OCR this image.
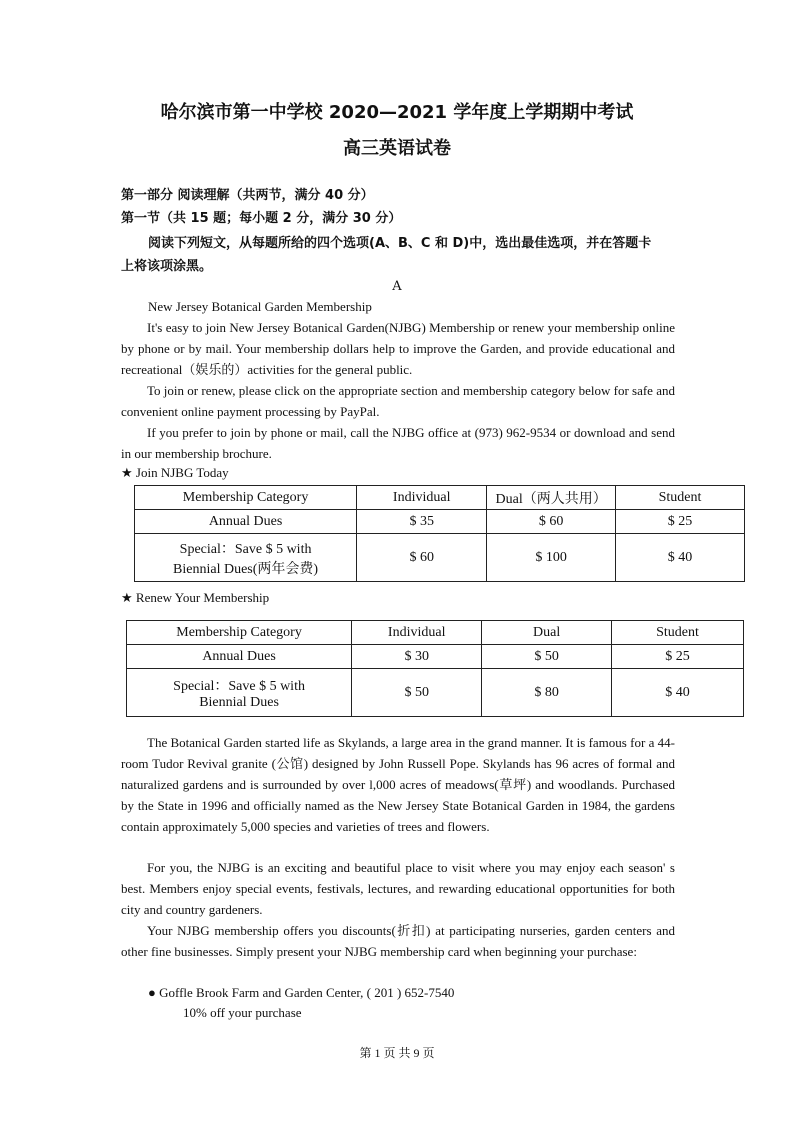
哈尔滨市第一中学校 2020—2021 学年度上学期期中考试
高三英语试卷
第一部分 阅读理解（共两节，满分 40 分）
第一节（共 15 题；每小题 2 分，满分 30 分）
阅读下列短文，从每题所给的四个选项(A、B、C 和 D)中，选出最佳选项，并在答题卡
上将该项涂黑。
A
New Jersey Botanical Garden Membership
It's easy to join New Jersey Botanical Garden(NJBG) Membership or renew your membership online by phone or by mail. Your membership dollars help to improve the Garden, and provide educational and recreational（娱乐的）activities for the general public.
To join or renew, please click on the appropriate section and membership category below for safe and convenient online payment processing by PayPal.
If you prefer to join by phone or mail, call the NJBG office at (973) 962-9534 or download and send in our membership brochure.
★ Join NJBG Today
Membership Category	Individual	Dual（两人共用）	Student
Annual Dues	$ 35	$ 60	$ 25

Special：Save $ 5 with
Biennial Dues(两年会费)	$ 60	$ 100	$ 40
★ Renew Your Membership
Membership Category	Individual	Dual	Student
Annual Dues	$ 30	$ 50	$ 25

Special：Save $ 5 with
Biennial Dues	$ 50	$ 80	$ 40
The Botanical Garden started life as Skylands, a large area in the grand manner. It is famous for a 44-room Tudor Revival granite (公馆) designed by John Russell Pope. Skylands has 96 acres of formal and naturalized gardens and is surrounded by over l,000 acres of meadows(草坪) and woodlands. Purchased by the State in 1996 and officially named as the New Jersey State Botanical Garden in 1984, the gardens contain approximately 5,000 species and varieties of trees and flowers.
For you, the NJBG is an exciting and beautiful place to visit where you may enjoy each season' s best. Members enjoy special events, festivals, lectures, and rewarding educational opportunities for both city and country gardeners.
Your NJBG membership offers you discounts(折扣) at participating nurseries, garden centers and other fine businesses. Simply present your NJBG membership card when beginning your purchase:
● Goffle Brook Farm and Garden Center, ( 201 ) 652-7540
10% off your purchase
第 1 页 共 9 页
